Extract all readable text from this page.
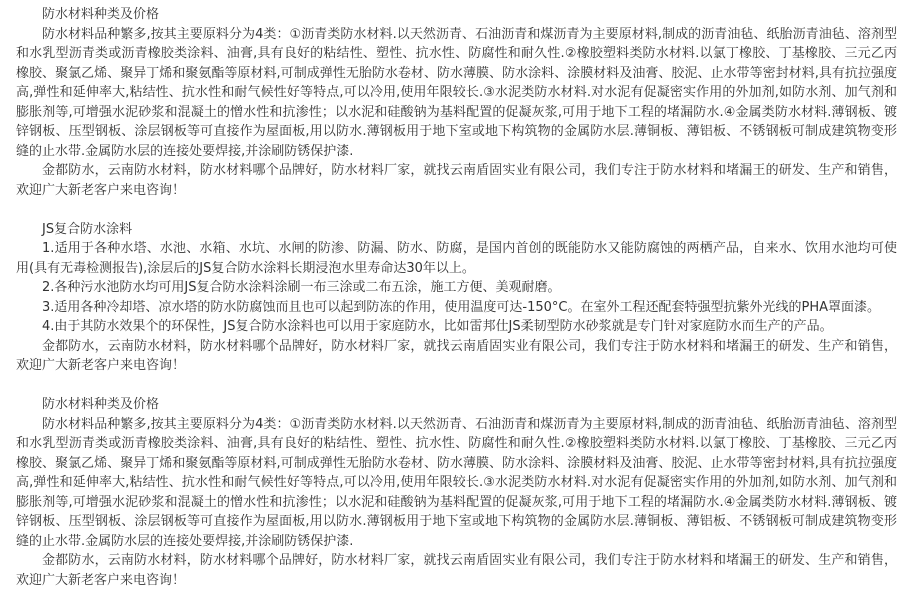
防水材料种类及价格

防水材料品种繁多,按其主要原料分为4类：①沥青类防水材料.以天然沥青、石油沥青和煤沥青为主要原材料,制成的沥青油毡、纸胎沥青油毡、溶剂型和水乳型沥青类或沥青橡胶类涂料、油膏,具有良好的粘结性、塑性、抗水性、防腐性和耐久性.②橡胶塑料类防水材料.以氯丁橡胶、丁基橡胶、三元乙丙橡胶、聚氯乙烯、聚异丁烯和聚氨酯等原材料,可制成弹性无胎防水卷材、防水薄膜、防水涂料、涂膜材料及油膏、胶泥、止水带等密封材料,具有抗拉强度高,弹性和延伸率大,粘结性、抗水性和耐气候性好等特点,可以冷用,使用年限较长.③水泥类防水材料.对水泥有促凝密实作用的外加剂,如防水剂、加气剂和膨胀剂等,可增强水泥砂浆和混凝土的憎水性和抗渗性；以水泥和硅酸钠为基料配置的促凝灰浆,可用于地下工程的堵漏防水.④金属类防水材料.薄钢板、镀锌钢板、压型钢板、涂层钢板等可直接作为屋面板,用以防水.薄钢板用于地下室或地下构筑物的金属防水层.薄铜板、薄铝板、不锈钢板可制成建筑物变形缝的止水带.金属防水层的连接处要焊接,并涂刷防锈保护漆.

金都防水，云南防水材料，防水材料哪个品牌好，防水材料厂家，就找云南盾固实业有限公司，我们专注于防水材料和堵漏王的研发、生产和销售，欢迎广大新老客户来电咨询！

JS复合防水涂料

1.适用于各种水塔、水池、水箱、水坑、水闸的防渗、防漏、防水、防腐，是国内首创的既能防水又能防腐蚀的两栖产品，自来水、饮用水池均可使用(具有无毒检测报告),涂层后的JS复合防水涂料长期浸泡水里寿命达30年以上。

2.各种污水池防水均可用JS复合防水涂料涂刷一布三涂或二布五涂，施工方便、美观耐磨。

3.适用各种冷却塔、凉水塔的防水防腐蚀而且也可以起到防冻的作用，使用温度可达-150°C。在室外工程还配套特强型抗紫外光线的PHA罩面漆。

4.由于其防水效果个的环保性，JS复合防水涂料也可以用于家庭防水，比如雷邦仕JS柔韧型防水砂浆就是专门针对家庭防水而生产的产品。

金都防水，云南防水材料，防水材料哪个品牌好，防水材料厂家，就找云南盾固实业有限公司，我们专注于防水材料和堵漏王的研发、生产和销售，欢迎广大新老客户来电咨询！

防水材料种类及价格

防水材料品种繁多,按其主要原料分为4类：①沥青类防水材料.以天然沥青、石油沥青和煤沥青为主要原材料,制成的沥青油毡、纸胎沥青油毡、溶剂型和水乳型沥青类或沥青橡胶类涂料、油膏,具有良好的粘结性、塑性、抗水性、防腐性和耐久性.②橡胶塑料类防水材料.以氯丁橡胶、丁基橡胶、三元乙丙橡胶、聚氯乙烯、聚异丁烯和聚氨酯等原材料,可制成弹性无胎防水卷材、防水薄膜、防水涂料、涂膜材料及油膏、胶泥、止水带等密封材料,具有抗拉强度高,弹性和延伸率大,粘结性、抗水性和耐气候性好等特点,可以冷用,使用年限较长.③水泥类防水材料.对水泥有促凝密实作用的外加剂,如防水剂、加气剂和膨胀剂等,可增强水泥砂浆和混凝土的憎水性和抗渗性；以水泥和硅酸钠为基料配置的促凝灰浆,可用于地下工程的堵漏防水.④金属类防水材料.薄钢板、镀锌钢板、压型钢板、涂层钢板等可直接作为屋面板,用以防水.薄钢板用于地下室或地下构筑物的金属防水层.薄铜板、薄铝板、不锈钢板可制成建筑物变形缝的止水带.金属防水层的连接处要焊接,并涂刷防锈保护漆.

金都防水，云南防水材料，防水材料哪个品牌好，防水材料厂家，就找云南盾固实业有限公司，我们专注于防水材料和堵漏王的研发、生产和销售，欢迎广大新老客户来电咨询！
